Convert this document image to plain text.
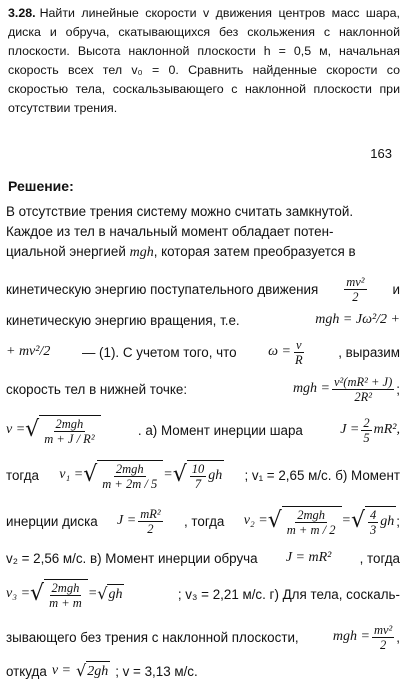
3.28. Найти линейные скорости v движения центров масс шара, диска и обруча, скатывающихся без скольжения с наклонной плоскости. Высота наклонной плоскости h = 0,5 м, начальная скорость всех тел v₀ = 0. Сравнить найденные скорости со скоростью тела, соскальзывающего с наклонной плоскости при отсутствии трения.
163
Решение:
В отсутствие трения систему можно считать замкнутой.
Каждое из тел в начальный момент обладает потен-
циальной энергией mgh, которая затем преобразуется в
кинетическую энергию поступательного движения $\frac{\text{mv²}}{2}$ и
кинетическую энергию вращения, т.е.	mgh = Jω²/2 +
+ mv²/2 — (1). С учетом того, что $\omega = \frac{v}{R}$	, выразим
скорость тел в нижней точке:	mgh = $\frac{\text{v²(mR² + J)}}{\text{2R²}}$ ;
v = √ $\frac{\text{2mgh}}{\text{m + J / R²}}$	. а) Момент инерции шара	$J = \frac{2}{5} mR^2$,
тогда v₁ = √ $\frac{\text{2mgh}}{m + 2m / 5}$ = √ $\frac{10}{7}$ gh ; v₁ = 2,65 м/с. б) Момент
инерции диска $J = \frac{\text{mR²}}{2}$ , тогда v₂ = √ $\frac{\text{2mgh}}{m + m / 2}$ = √ $\frac{4}{3}$ gh ;
v₂ = 2,56 м/с. в) Момент инерции обруча J = mR² , тогда
v₃ = √ $\frac{\text{2mgh}}{m + m}$ = √ gh	; v₃ = 2,21 м/с. г) Для тела, соскаль-
зывающего без трения с наклонной плоскости, mgh = $\frac{\text{mv²}}{2}$ ,
откуда v = √ 2gh ; v = 3,13 м/с.
